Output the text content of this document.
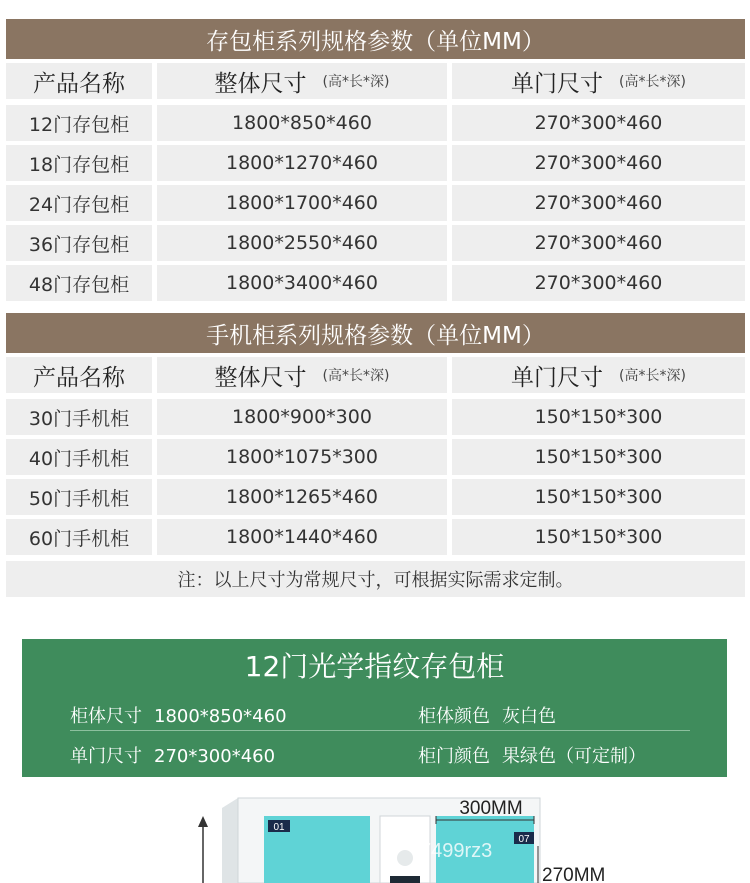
存包柜系列规格参数（单位MM）
产品名称	整体尺寸 (高*长*深)	单门尺寸 (高*长*深)
12门存包柜	1800*850*460	270*300*460
18门存包柜	1800*1270*460	270*300*460
24门存包柜	1800*1700*460	270*300*460
36门存包柜	1800*2550*460	270*300*460
48门存包柜	1800*3400*460	270*300*460
手机柜系列规格参数（单位MM）
产品名称	整体尺寸 (高*长*深)	单门尺寸 (高*长*深)
30门手机柜	1800*900*300	150*150*300
40门手机柜	1800*1075*300	150*150*300
50门手机柜	1800*1265*460	150*150*300
60门手机柜	1800*1440*460	150*150*300
注：以上尺寸为常规尺寸，可根据实际需求定制。
12门光学指纹存包柜
柜体尺寸 1800*850*460	柜体颜色 灰白色
单门尺寸 270*300*460	柜门颜色 果绿色（可定制）
01
07
300MM
270MM
7499rz3
